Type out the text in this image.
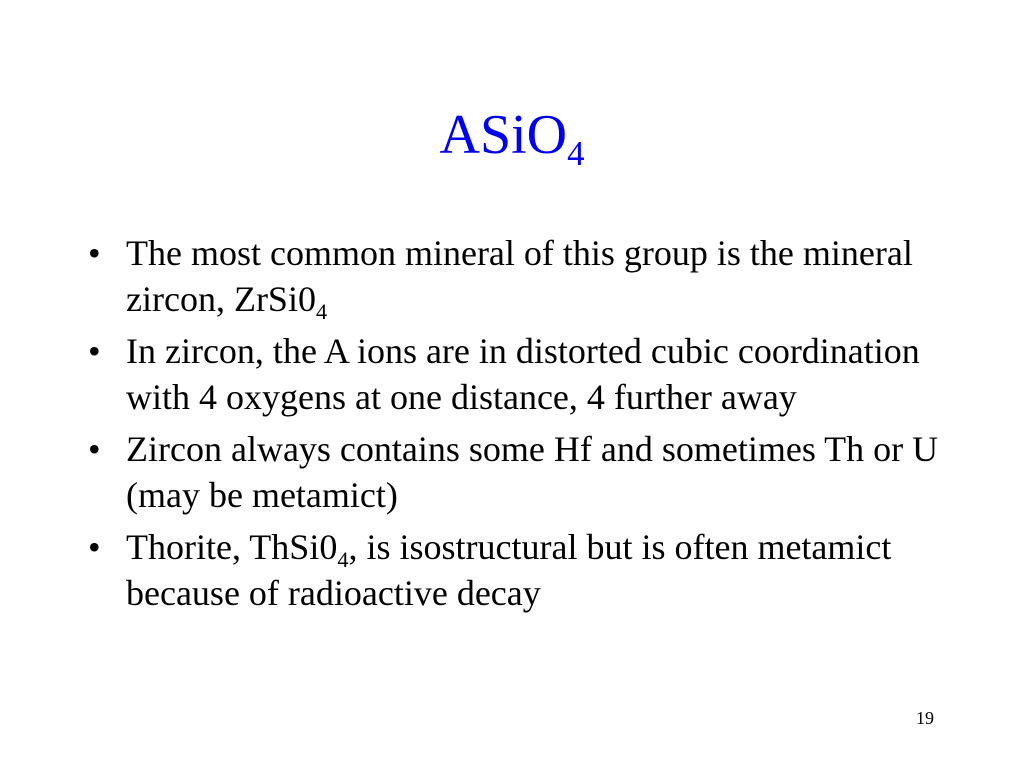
ASiO$_4$
• The most common mineral of this group is the mineral zircon, $ZrSi0_4$
• In zircon, the A ions are in distorted cubic coordination with 4 oxygens at one distance, 4 further away
• Zircon always contains some Hf and sometimes Th or U (may be metamict)
• Thorite, $ThSi0_4$, is isostructural but is often metamict because of radioactive decay
19
